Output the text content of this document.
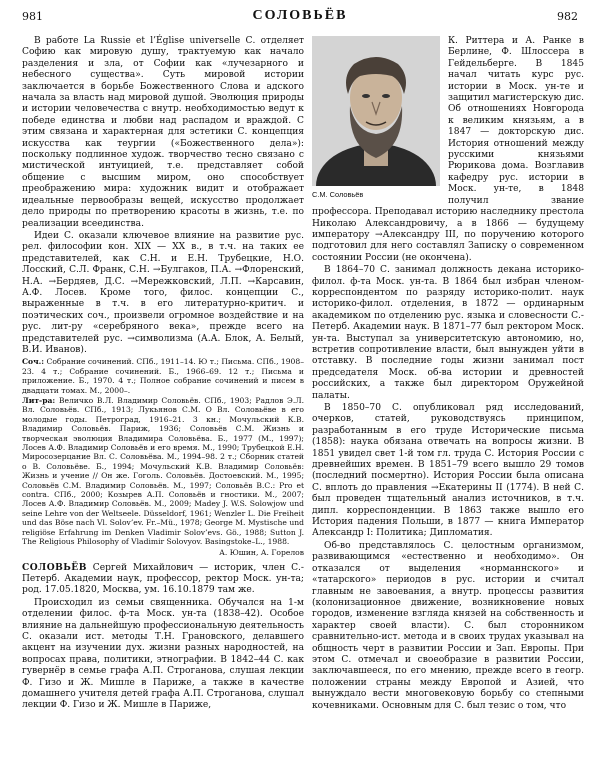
981	СОЛОВЬЁВ	982

В работе La Russie et l’Église universelle С. отделяет Софию как мировую душу, трактуемую как начало разделения и зла, от Софии как «лучезарного и небесного существа». Суть мировой истории заключается в борьбе Божественного Слова и адского начала за власть над мировой душой. Эволюция природы и истории человечества с внутр. необходимостью ведут к победе единства и любви над распадом и враждой. С этим связана и характерная для эстетики С. концепция искусства как теургии («Божественного дела»): поскольку подлинное худож. творчество тесно связано с мистической интуицией, т.е. представляет собой общение с высшим миром, оно способствует преображению мира: художник видит и отображает идеальные первообразы вещей, искусство продолжает дело природы по претворению красоты в жизнь, т.е. по реализации всеединства.

Идеи С. оказали ключевое влияние на развитие рус. рел. философии кон. XIX — XX в., в т.ч. на таких ее представителей, как С.Н. и Е.Н. Трубецкие, Н.О. Лосский, С.Л. Франк, С.Н. →Булгаков, П.А. →Флоренский, Н.А. →Бердяев, Д.С. →Мережковский, Л.П. →Карсавин, А.Ф. Лосев. Кроме того, филос. концепции С., выраженные в т.ч. в его литературно-критич. и поэтических соч., произвели огромное воздействие и на рус. лит-ру «серебряного века», прежде всего на представителей рус. →символизма (А.А. Блок, А. Белый, В.И. Иванов).

Соч.: Собрание сочинений. СПб., 1911–14. Ю т.; Письма. СПб., 1908–23. 4 т.; Собрание сочинений. Б., 1966–69. 12 т.; Письма и приложение. Б., 1970. 4 т.; Полное собрание сочинений и писем в двадцати томах. М., 2000–.

Лит-ра: Величко В.Л. Владимир Соловьёв. СПб., 1903; Радлов Э.Л. Вл. Соловьёв. СПб., 1913; Лукьянов С.М. О Вл. Соловьёве в его молодые годы. Петроград, 1916–21. 3 кн.; Мочульский К.В. Владимир Соловьёв. Париж, 1936; Соловьёв С.М. Жизнь и творческая эволюция Владимира Соловьёва. Б., 1977 (М., 1997); Лосев А.Ф. Владимир Соловьёв и его время. М., 1990; Трубецкой Е.Н. Миросозерцание Вл. С. Соловьёва. М., 1994–98. 2 т.; Сборник статей о В. Соловьёве. Б., 1994; Мочульский К.В. Владимир Соловьёв: Жизнь и учение // Он же. Гоголь. Соловьёв. Достоевский. М., 1995; Соловьёв С.М. Владимир Соловьёв. М., 1997; Соловьёв В.С.: Pro et contra. СПб., 2000; Козырев А.П. Соловьёв и гностики. М., 2007; Лосев А.Ф. Владимир Соловьёв. М., 2009; Madey J. W.S. Solowjow und seine Lehre von der Weltseele. Düsseldorf, 1961; Wenzler L. Die Freiheit und das Böse nach Vl. Solov’ev. Fr.–Mü., 1978; George M. Mystische und religiöse Erfahrung im Denken Vladimir Solov’evs. Gö., 1988; Sutton J. The Religious Philosophy of Vladimir Solovyov. Basingstoke–L., 1988.

А. Юшин, А. Горелов

СОЛОВЬЁВ Сергей Михайлович — историк, член С.-Петерб. Академии наук, профессор, ректор Моск. ун-та; род. 17.05.1820, Москва, ум. 16.10.1879 там же.

Происходил из семьи священника. Обучался на 1-м отделении филос. ф-та Моск. ун-та (1838–42). Особое влияние на дальнейшую профессиональную деятельность С. оказали ист. методы Т.Н. Грановского, делавшего акцент на изучении дух. жизни разных народностей, на вопросах права, политики, этнографии. В 1842–44 С. как гувернёр в семье графа А.П. Строганова, слушая лекции Ф. Гизо и Ж. Мишле в Париже, а также в качестве домашнего учителя детей графа А.П. Строганова, слушал лекции Ф. Гизо и Ж. Мишле в Париже,

С.М. Соловьёв

К. Риттера и А. Ранке в Берлине, Ф. Шлоссера в Гейдельберге. В 1845 начал читать курс рус. истории в Моск. ун-те и защитил магистерскую дис. Об отношениях Новгорода к великим князьям, а в 1847 — докторскую дис. История отношений между русскими князьями Рюрикова дома. Возглавив кафедру рус. истории в Моск. ун-те, в 1848 получил звание профессора. Преподавал историю наследнику престола Николаю Александровичу, а в 1866 — будущему императору →Александру III, по поручению которого подготовил для него составлял Записку о современном состоянии России (не окончена).

В 1864–70 С. занимал должность декана историко-филол. ф-та Моск. ун-та. В 1864 был избран членом-корреспондентом по разряду историко-полит. наук историко-филол. отделения, в 1872 — ординарным академиком по отделению рус. языка и словесности С.-Петерб. Академии наук. В 1871–77 был ректором Моск. ун-та. Выступал за университетскую автономию, но, встретив сопротивление власти, был вынужден уйти в отставку. В последние годы жизни занимал пост председателя Моск. об-ва истории и древностей российских, а также был директором Оружейной палаты.

В 1850–70 С. опубликовал ряд исследований, очерков, статей, руководствуясь принципом, разработанным в его труде Исторические письма (1858): наука обязана отвечать на вопросы жизни. В 1851 увидел свет 1-й том гл. труда С. История России с древнейших времен. В 1851–79 всего вышло 29 томов (последний посмертно). История России была описана С. вплоть до правления →Екатерины II (1774). В ней С. был проведен тщательный анализ источников, в т.ч. дипл. корреспонденции. В 1863 также вышло его История падения Польши, в 1877 — книга Император Александр I: Политика; Дипломатия.

Об-во представлялось С. целостным организмом, развивающимся «естественно и необходимо». Он отказался от выделения «норманнского» и «татарского» периодов в рус. истории и считал главным не завоевания, а внутр. процессы развития (колонизационное движение, возникновение новых городов, изменение взгляда князей на собственность и характер своей власти). С. был сторонником сравнительно-ист. метода и в своих трудах указывал на общность черт в развитии России и Зап. Европы. При этом С. отмечал и своеобразие в развитии России, заключавшееся, по его мнению, прежде всего в геогр. положении страны между Европой и Азией, что вынуждало вести многовековую борьбу со степными кочевниками. Основным для С. был тезис о том, что
